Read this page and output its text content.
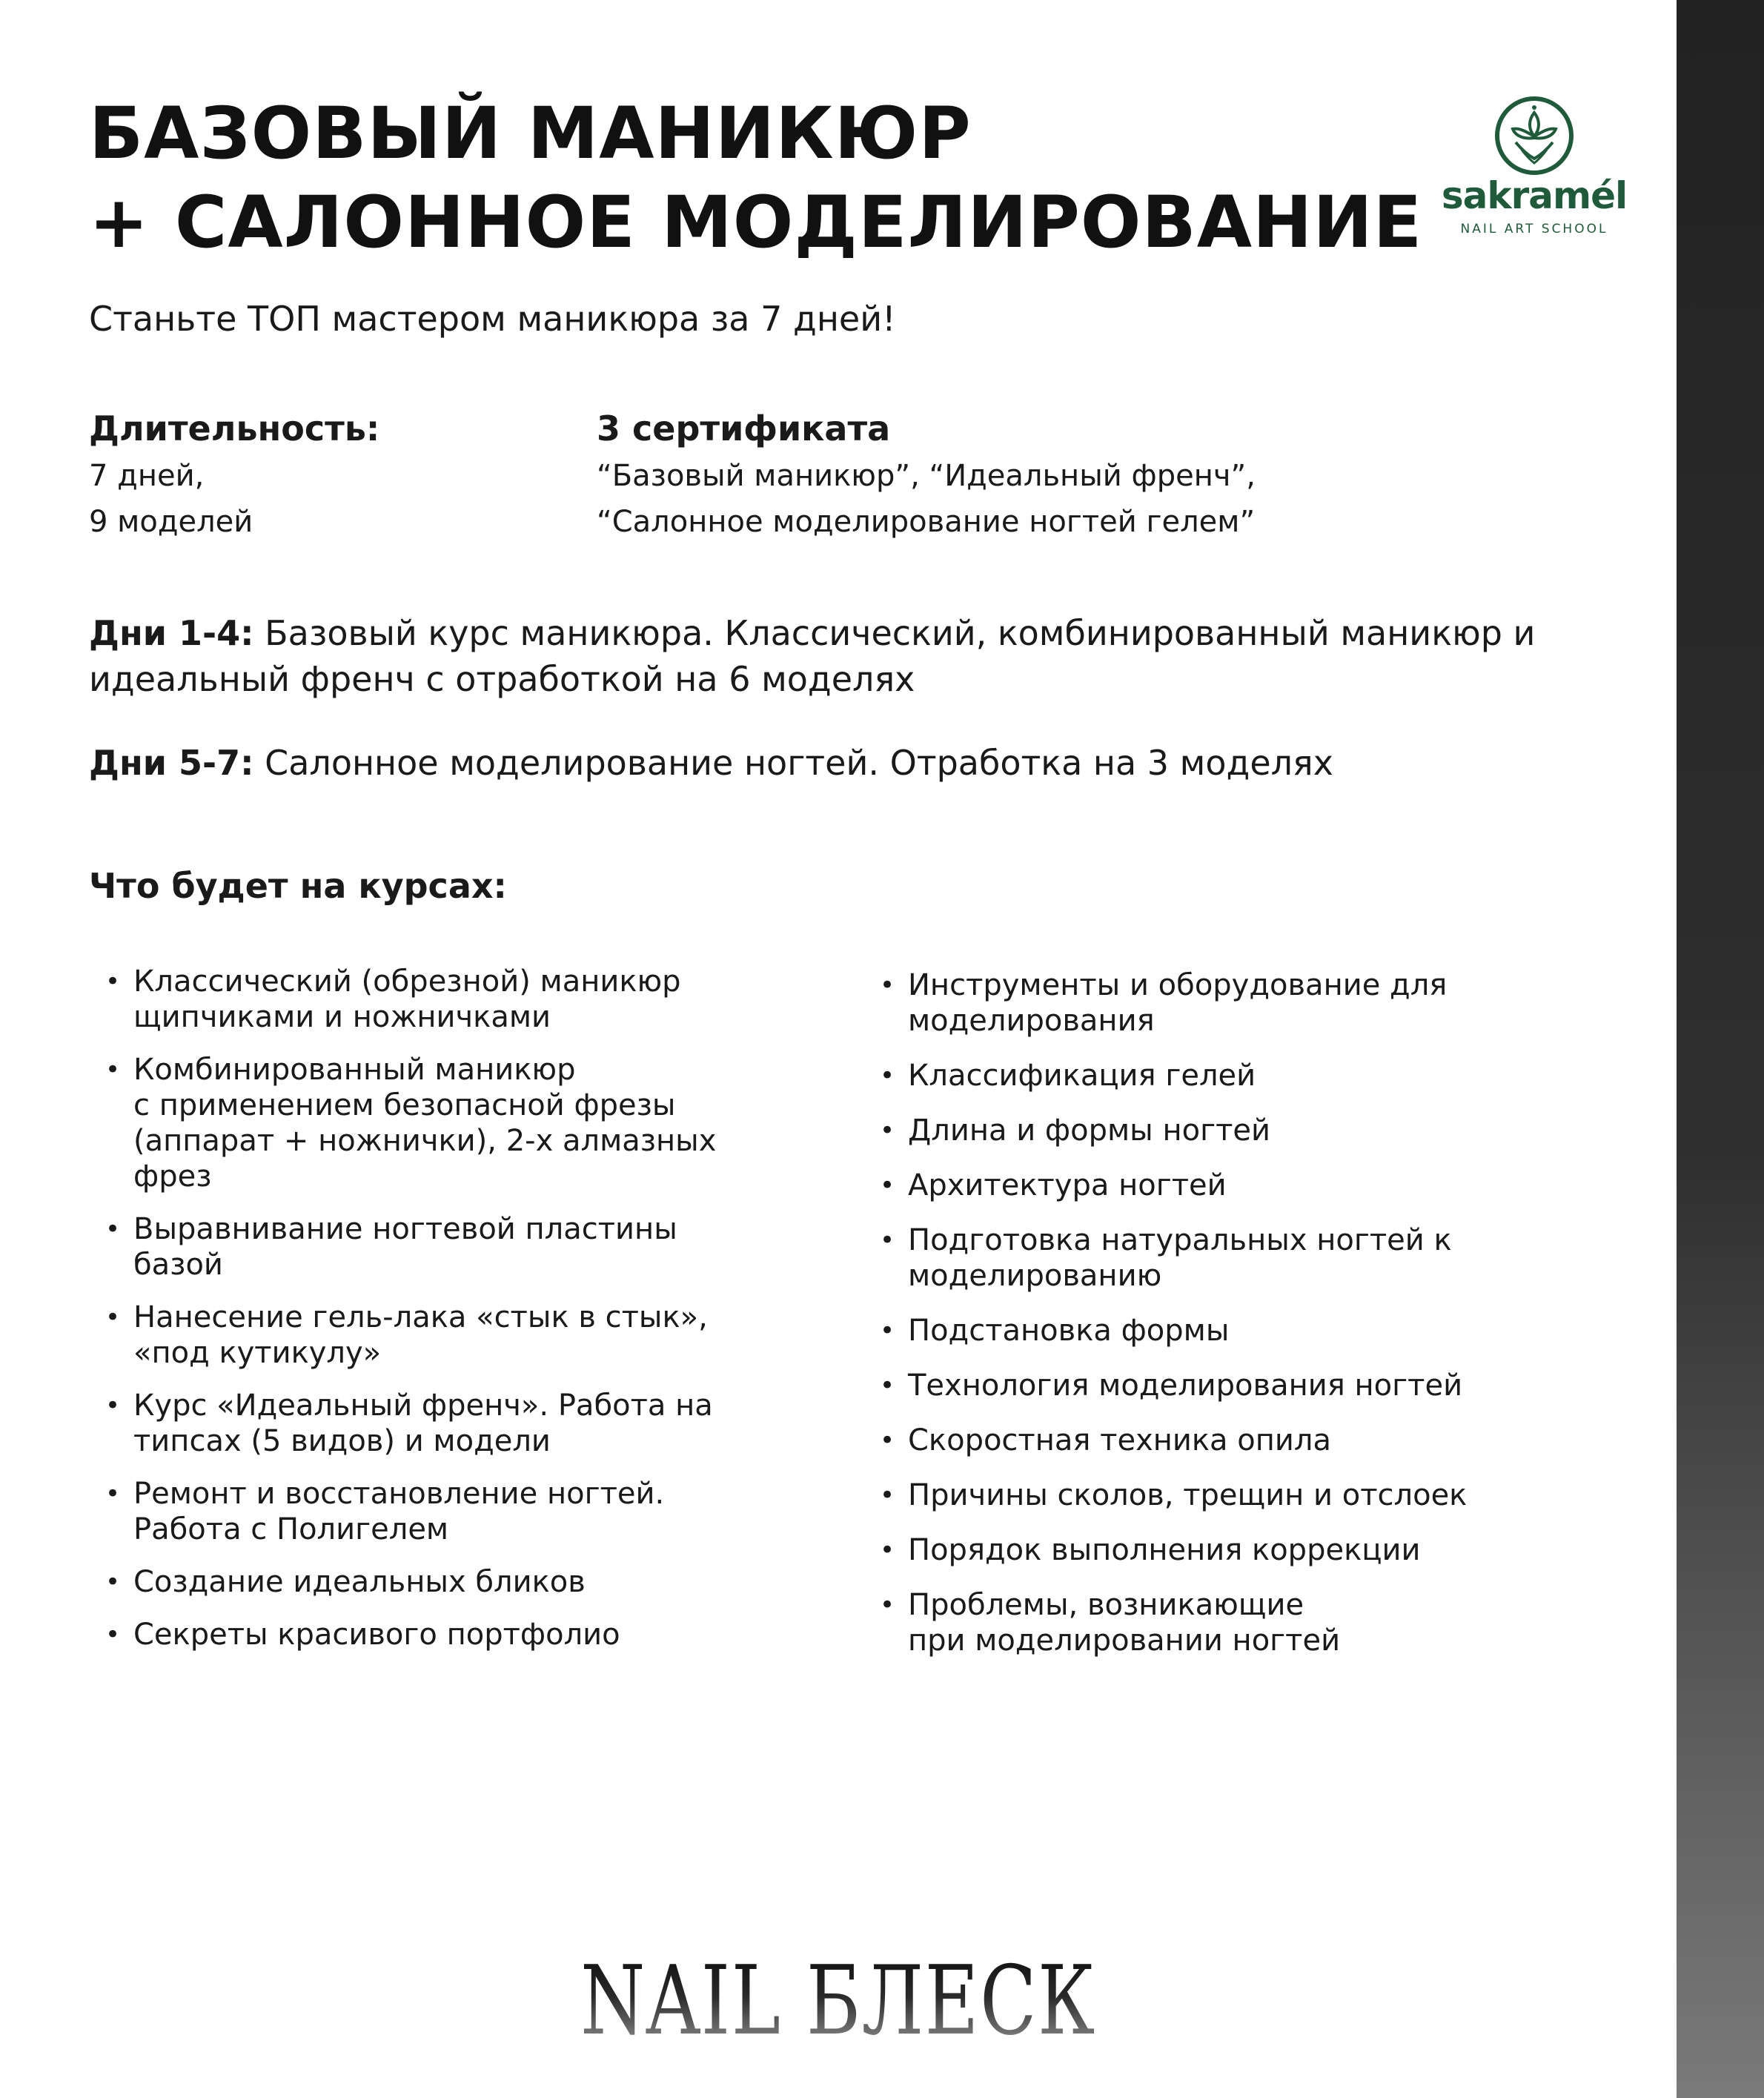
БАЗОВЫЙ МАНИКЮР
+ САЛОННОЕ МОДЕЛИРОВАНИЕ sakramél
NAIL ART SCHOOL
Станьте ТОП мастером маникюра за 7 дней!
Длительность:
7 дней,
9 моделей
3 сертификата
“Базовый маникюр”, “Идеальный френч”,
“Салонное моделирование ногтей гелем”
Дни 1-4: Базовый курс маникюра. Классический, комбинированный маникюр и идеальный френч с отработкой на 6 моделях
Дни 5-7: Салонное моделирование ногтей. Отработка на 3 моделях
Что будет на курсах:
• Классический (обрезной) маникюр
щипчиками и ножничками
• Комбинированный маникюр
с применением безопасной фрезы
(аппарат + ножнички), 2-х алмазных
фрез
• Выравнивание ногтевой пластины
базой
• Нанесение гель-лака «стык в стык»,
«под кутикулу»
• Курс «Идеальный френч». Работа на
типсах (5 видов) и модели
• Ремонт и восстановление ногтей.
Работа с Полигелем
• Создание идеальных бликов
• Секреты красивого портфолио
• Инструменты и оборудование для
моделирования
• Классификация гелей
• Длина и формы ногтей
• Архитектура ногтей
• Подготовка натуральных ногтей к
моделированию
• Подстановка формы
• Технология моделирования ногтей
• Скоростная техника опила
• Причины сколов, трещин и отслоек
• Порядок выполнения коррекции
• Проблемы, возникающие
при моделировании ногтей
NAIL БЛЕСК
